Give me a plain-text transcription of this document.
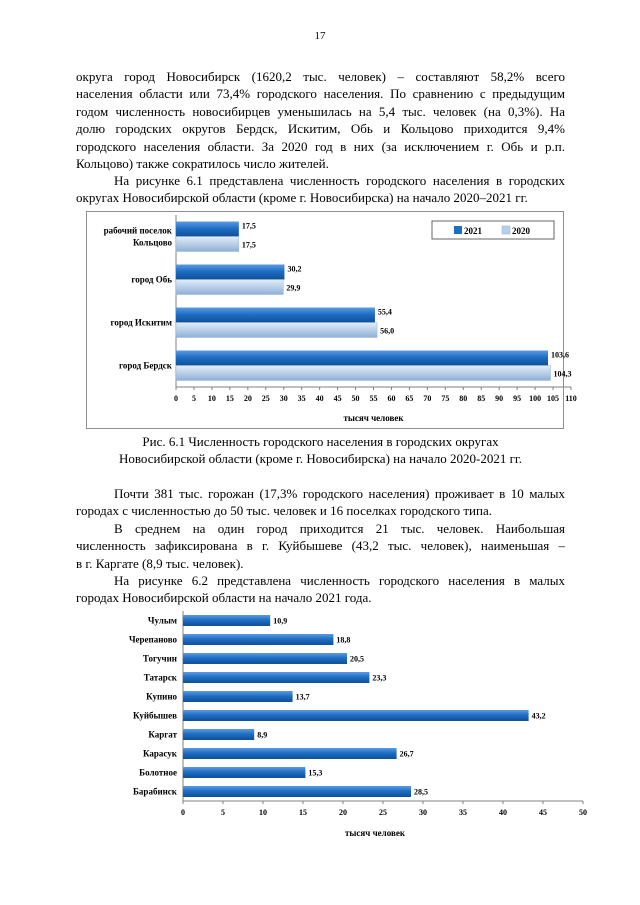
17

округа город Новосибирск (1620,2 тыс. человек) – составляют 58,2% всего
населения области или 73,4% городского населения. По сравнению с предыдущим
годом численность новосибирцев уменьшилась на 5,4 тыс. человек (на 0,3%). На
долю городских округов Бердск, Искитим, Обь и Кольцово приходится 9,4%
городского населения области. За 2020 год в них (за исключением г. Обь и р.п.
Кольцово) также сократилось число жителей.

На рисунке 6.1 представлена численность городского населения в городских
округах Новосибирской области (кроме г. Новосибирска) на начало 2020–2021 гг.

17,5
17,5
рабочий поселок
Кольцово
30,2
29,9
город Обь
55,4
56,0
город Искитим
103,6
104,3
город Бердск
0 5 10 15 20 25 30 35 40 45 50 55 60 65 70 75 80 85 90 95 100 105 110
тысяч человек
2021	2020
Рис. 6.1 Численность городского населения в городских округах
Новосибирской области (кроме г. Новосибирска) на начало 2020-2021 гг.

Почти 381 тыс. горожан (17,3% городского населения) проживает в 10 малых
городах с численностью до 50 тыс. человек и 16 поселках городского типа.

В среднем на один город приходится 21 тыс. человек. Наибольшая
численность зафиксирована в г. Куйбышеве (43,2 тыс. человек), наименьшая –
в г. Каргате (8,9 тыс. человек).

На рисунке 6.2 представлена численность городского населения в малых
городах Новосибирской области на начало 2021 года.

10,9
Чулым
18,8
Черепаново
20,5
Тогучин
23,3
Татарск
13,7
Купино
43,2
Куйбышев
8,9
Каргат
26,7
Карасук
15,3
Болотное
28,5
Барабинск
0	5	10	15	20	25	30	35	40	45	50
тысяч человек
